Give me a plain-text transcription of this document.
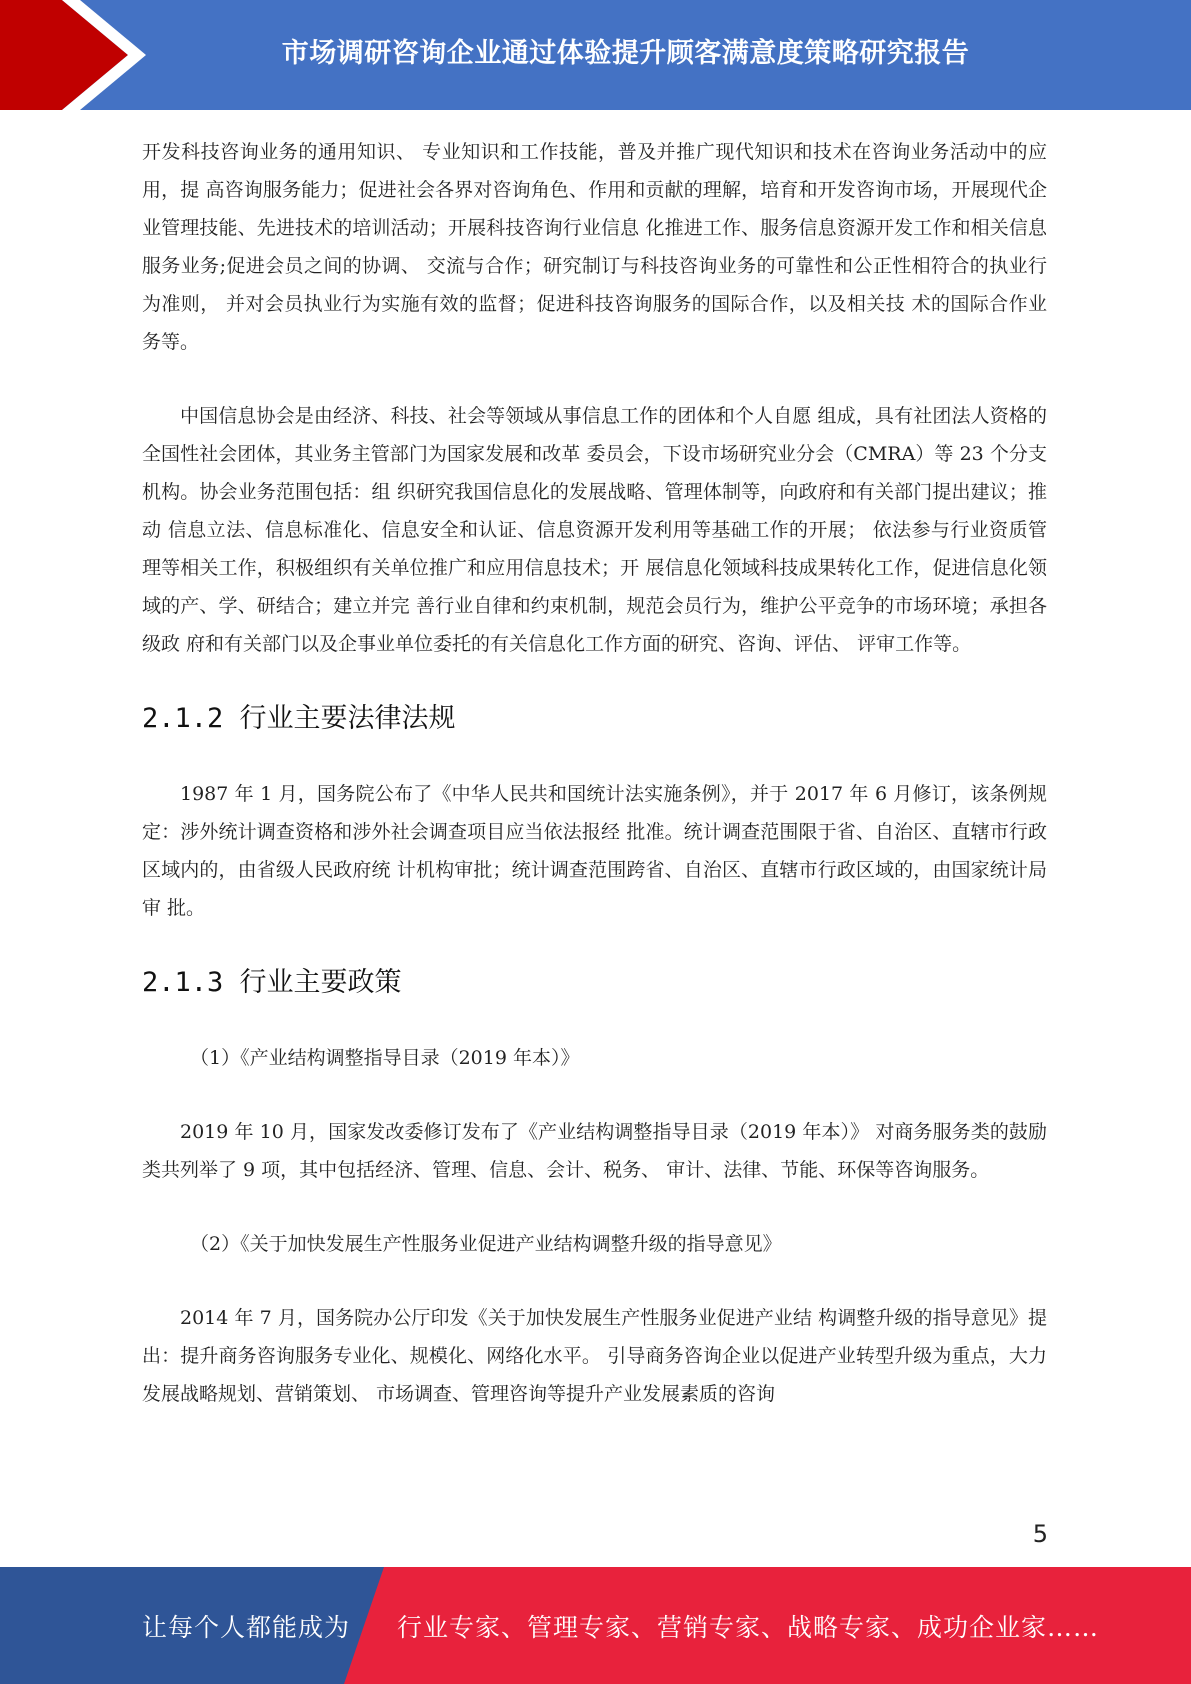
市场调研咨询企业通过体验提升顾客满意度策略研究报告

开发科技咨询业务的通用知识、 专业知识和工作技能，普及并推广现代知识和技术在咨询业务活动中的应用，提 高咨询服务能力；促进社会各界对咨询角色、作用和贡献的理解，培育和开发咨询市场，开展现代企业管理技能、先进技术的培训活动；开展科技咨询行业信息 化推进工作、服务信息资源开发工作和相关信息服务业务;促进会员之间的协调、 交流与合作；研究制订与科技咨询业务的可靠性和公正性相符合的执业行为准则， 并对会员执业行为实施有效的监督；促进科技咨询服务的国际合作，以及相关技 术的国际合作业务等。

中国信息协会是由经济、科技、社会等领域从事信息工作的团体和个人自愿 组成，具有社团法人资格的全国性社会团体，其业务主管部门为国家发展和改革 委员会，下设市场研究业分会（CMRA）等 23 个分支机构。协会业务范围包括：组 织研究我国信息化的发展战略、管理体制等，向政府和有关部门提出建议；推动 信息立法、信息标准化、信息安全和认证、信息资源开发利用等基础工作的开展； 依法参与行业资质管理等相关工作，积极组织有关单位推广和应用信息技术；开 展信息化领域科技成果转化工作，促进信息化领域的产、学、研结合；建立并完 善行业自律和约束机制，规范会员行为，维护公平竞争的市场环境；承担各级政 府和有关部门以及企事业单位委托的有关信息化工作方面的研究、咨询、评估、 评审工作等。

2.1.2 行业主要法律法规

1987 年 1 月，国务院公布了《中华人民共和国统计法实施条例》，并于 2017 年 6 月修订，该条例规定：涉外统计调查资格和涉外社会调查项目应当依法报经 批准。统计调查范围限于省、自治区、直辖市行政区域内的，由省级人民政府统 计机构审批；统计调查范围跨省、自治区、直辖市行政区域的，由国家统计局审 批。

2.1.3 行业主要政策

（1）《产业结构调整指导目录（2019 年本）》

2019 年 10 月，国家发改委修订发布了《产业结构调整指导目录（2019 年本）》 对商务服务类的鼓励类共列举了 9 项，其中包括经济、管理、信息、会计、税务、 审计、法律、节能、环保等咨询服务。

（2）《关于加快发展生产性服务业促进产业结构调整升级的指导意见》

2014 年 7 月，国务院办公厅印发《关于加快发展生产性服务业促进产业结 构调整升级的指导意见》提出：提升商务咨询服务专业化、规模化、网络化水平。 引导商务咨询企业以促进产业转型升级为重点，大力发展战略规划、营销策划、 市场调查、管理咨询等提升产业发展素质的咨询

5
让每个人都能成为 行业专家、管理专家、营销专家、战略专家、成功企业家……
